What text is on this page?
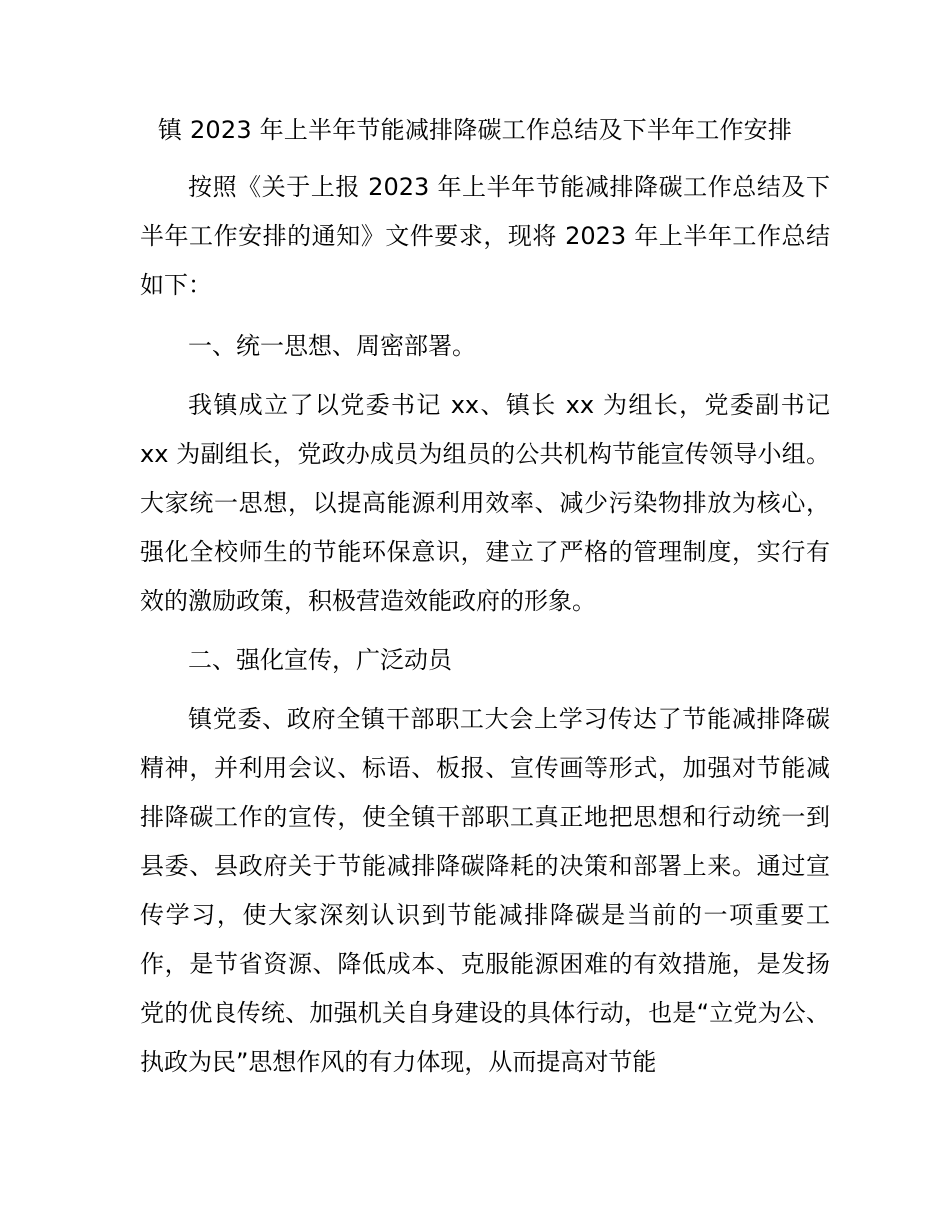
镇 2023 年上半年节能减排降碳工作总结及下半年工作安排

按照《关于上报 2023 年上半年节能减排降碳工作总结及下半年工作安排的通知》文件要求，现将 2023 年上半年工作总结如下：

一、统一思想、周密部署。

我镇成立了以党委书记 xx、镇长 xx 为组长，党委副书记 xx 为副组长，党政办成员为组员的公共机构节能宣传领导小组。大家统一思想，以提高能源利用效率、减少污染物排放为核心，强化全校师生的节能环保意识，建立了严格的管理制度，实行有效的激励政策，积极营造效能政府的形象。

二、强化宣传，广泛动员

镇党委、政府全镇干部职工大会上学习传达了节能减排降碳精神，并利用会议、标语、板报、宣传画等形式，加强对节能减排降碳工作的宣传，使全镇干部职工真正地把思想和行动统一到县委、县政府关于节能减排降碳降耗的决策和部署上来。通过宣传学习，使大家深刻认识到节能减排降碳是当前的一项重要工作，是节省资源、降低成本、克服能源困难的有效措施，是发扬党的优良传统、加强机关自身建设的具体行动，也是“立党为公、执政为民”思想作风的有力体现，从而提高对节能
